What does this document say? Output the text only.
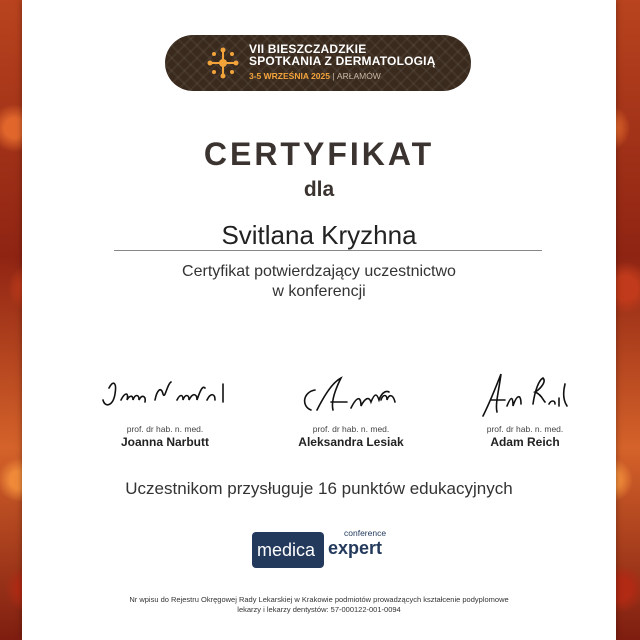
VII BIESZCZADZKIE
SPOTKANIA Z DERMATOLOGIĄ
3-5 WRZEŚNIA 2025 | ARŁAMÓW
CERTYFIKAT
dla
Svitlana Kryzhna
Certyfikat potwierdzający uczestnictwo
w konferencji
prof. dr hab. n. med.
Joanna Narbutt
prof. dr hab. n. med.
Aleksandra Lesiak
prof. dr hab. n. med.
Adam Reich
Uczestnikom przysługuje 16 punktów edukacyjnych
medica
conference
expert
Nr wpisu do Rejestru Okręgowej Rady Lekarskiej w Krakowie podmiotów prowadzących kształcenie podyplomowe
lekarzy i lekarzy dentystów: 57-000122-001-0094
